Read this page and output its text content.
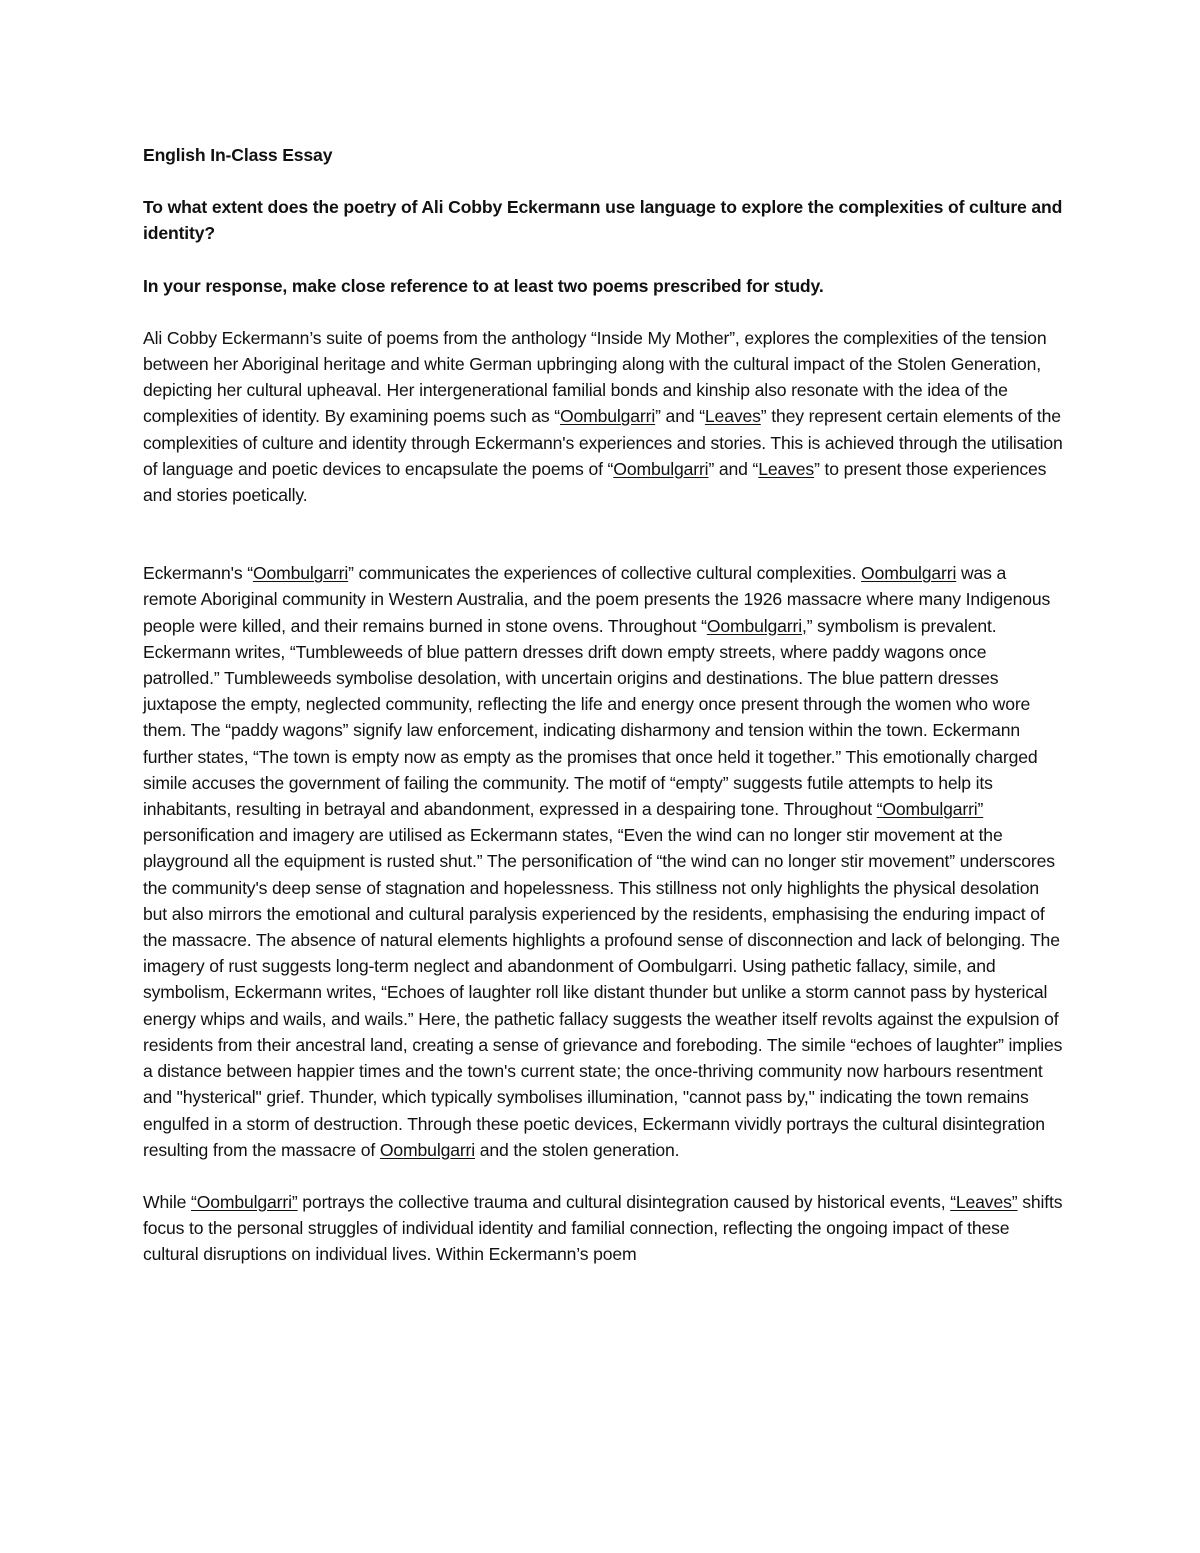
English In-Class Essay

To what extent does the poetry of Ali Cobby Eckermann use language to explore the complexities of culture and identity?

In your response, make close reference to at least two poems prescribed for study.

Ali Cobby Eckermann’s suite of poems from the anthology “Inside My Mother”, explores the complexities of the tension between her Aboriginal heritage and white German upbringing along with the cultural impact of the Stolen Generation, depicting her cultural upheaval. Her intergenerational familial bonds and kinship also resonate with the idea of the complexities of identity. By examining poems such as “Oombulgarri” and “Leaves” they represent certain elements of the complexities of culture and identity through Eckermann's experiences and stories. This is achieved through the utilisation of language and poetic devices to encapsulate the poems of “Oombulgarri” and “Leaves” to present those experiences and stories poetically.

Eckermann's “Oombulgarri” communicates the experiences of collective cultural complexities. Oombulgarri was a remote Aboriginal community in Western Australia, and the poem presents the 1926 massacre where many Indigenous people were killed, and their remains burned in stone ovens. Throughout “Oombulgarri,” symbolism is prevalent. Eckermann writes, “Tumbleweeds of blue pattern dresses drift down empty streets, where paddy wagons once patrolled.” Tumbleweeds symbolise desolation, with uncertain origins and destinations. The blue pattern dresses juxtapose the empty, neglected community, reflecting the life and energy once present through the women who wore them. The “paddy wagons” signify law enforcement, indicating disharmony and tension within the town. Eckermann further states, “The town is empty now as empty as the promises that once held it together.” This emotionally charged simile accuses the government of failing the community. The motif of “empty” suggests futile attempts to help its inhabitants, resulting in betrayal and abandonment, expressed in a despairing tone. Throughout “Oombulgarri” personification and imagery are utilised as Eckermann states, “Even the wind can no longer stir movement at the playground all the equipment is rusted shut.” The personification of “the wind can no longer stir movement” underscores the community's deep sense of stagnation and hopelessness. This stillness not only highlights the physical desolation but also mirrors the emotional and cultural paralysis experienced by the residents, emphasising the enduring impact of the massacre. The absence of natural elements highlights a profound sense of disconnection and lack of belonging. The imagery of rust suggests long-term neglect and abandonment of Oombulgarri. Using pathetic fallacy, simile, and symbolism, Eckermann writes, “Echoes of laughter roll like distant thunder but unlike a storm cannot pass by hysterical energy whips and wails, and wails.” Here, the pathetic fallacy suggests the weather itself revolts against the expulsion of residents from their ancestral land, creating a sense of grievance and foreboding. The simile “echoes of laughter” implies a distance between happier times and the town's current state; the once-thriving community now harbours resentment and "hysterical" grief. Thunder, which typically symbolises illumination, "cannot pass by," indicating the town remains engulfed in a storm of destruction. Through these poetic devices, Eckermann vividly portrays the cultural disintegration resulting from the massacre of Oombulgarri and the stolen generation.

While “Oombulgarri” portrays the collective trauma and cultural disintegration caused by historical events, “Leaves” shifts focus to the personal struggles of individual identity and familial connection, reflecting the ongoing impact of these cultural disruptions on individual lives. Within Eckermann’s poem
